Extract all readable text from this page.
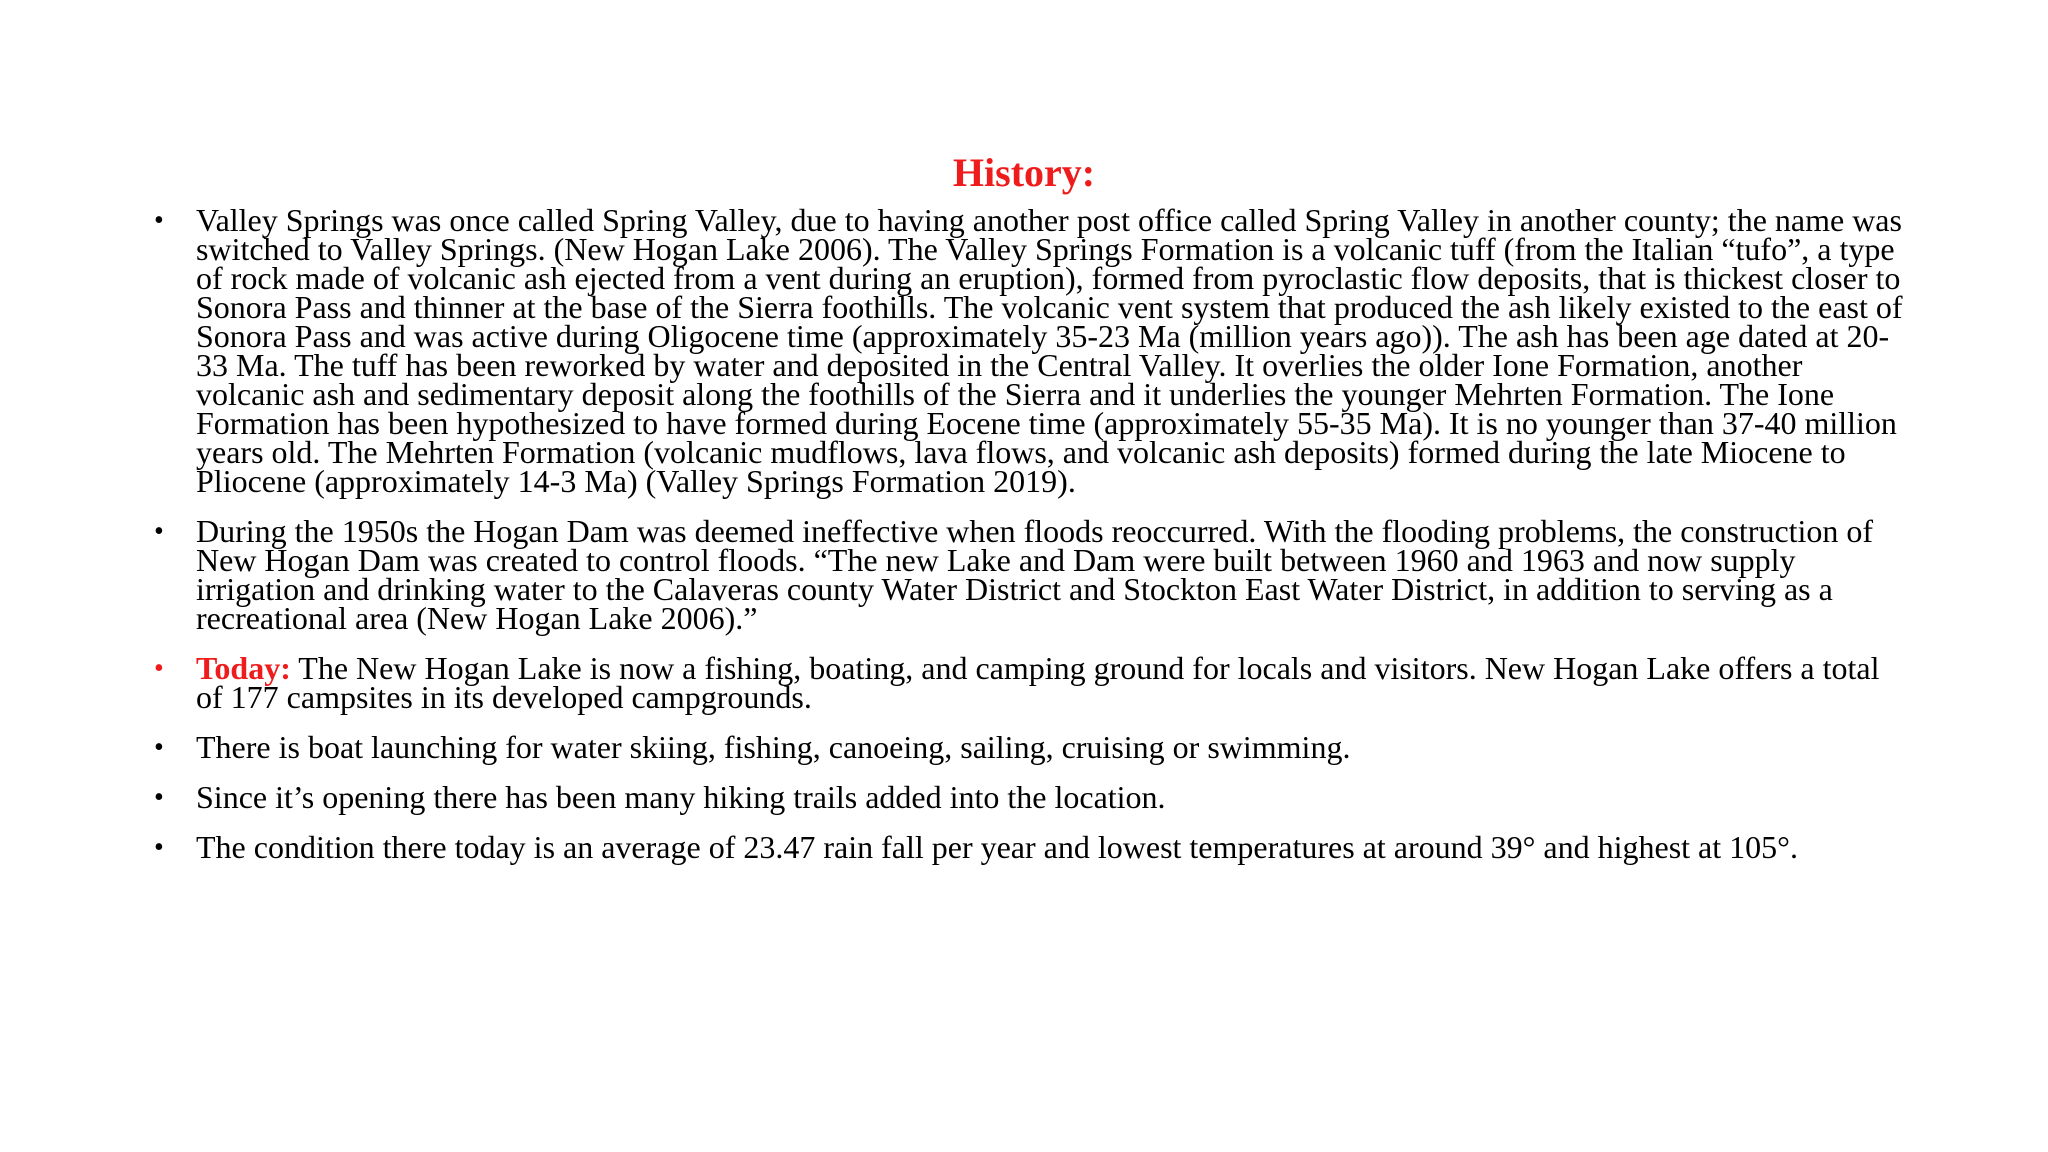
History:
• Valley Springs was once called Spring Valley, due to having another post office called Spring Valley in another county; the name was switched to Valley Springs. (New Hogan Lake 2006). The Valley Springs Formation is a volcanic tuff (from the Italian “tufo”, a type of rock made of volcanic ash ejected from a vent during an eruption), formed from pyroclastic flow deposits, that is thickest closer to Sonora Pass and thinner at the base of the Sierra foothills. The volcanic vent system that produced the ash likely existed to the east of Sonora Pass and was active during Oligocene time (approximately 35-23 Ma (million years ago)). The ash has been age dated at 20-33 Ma. The tuff has been reworked by water and deposited in the Central Valley. It overlies the older Ione Formation, another volcanic ash and sedimentary deposit along the foothills of the Sierra and it underlies the younger Mehrten Formation. The Ione Formation has been hypothesized to have formed during Eocene time (approximately 55-35 Ma). It is no younger than 37-40 million years old. The Mehrten Formation (volcanic mudflows, lava flows, and volcanic ash deposits) formed during the late Miocene to Pliocene (approximately 14-3 Ma) (Valley Springs Formation 2019).
• During the 1950s the Hogan Dam was deemed ineffective when floods reoccurred. With the flooding problems, the construction of New Hogan Dam was created to control floods. “The new Lake and Dam were built between 1960 and 1963 and now supply irrigation and drinking water to the Calaveras county Water District and Stockton East Water District, in addition to serving as a recreational area (New Hogan Lake 2006).”
• Today: The New Hogan Lake is now a fishing, boating, and camping ground for locals and visitors. New Hogan Lake offers a total of 177 campsites in its developed campgrounds.
• There is boat launching for water skiing, fishing, canoeing, sailing, cruising or swimming.
• Since it’s opening there has been many hiking trails added into the location.
• The condition there today is an average of 23.47 rain fall per year and lowest temperatures at around 39° and highest at 105°.
